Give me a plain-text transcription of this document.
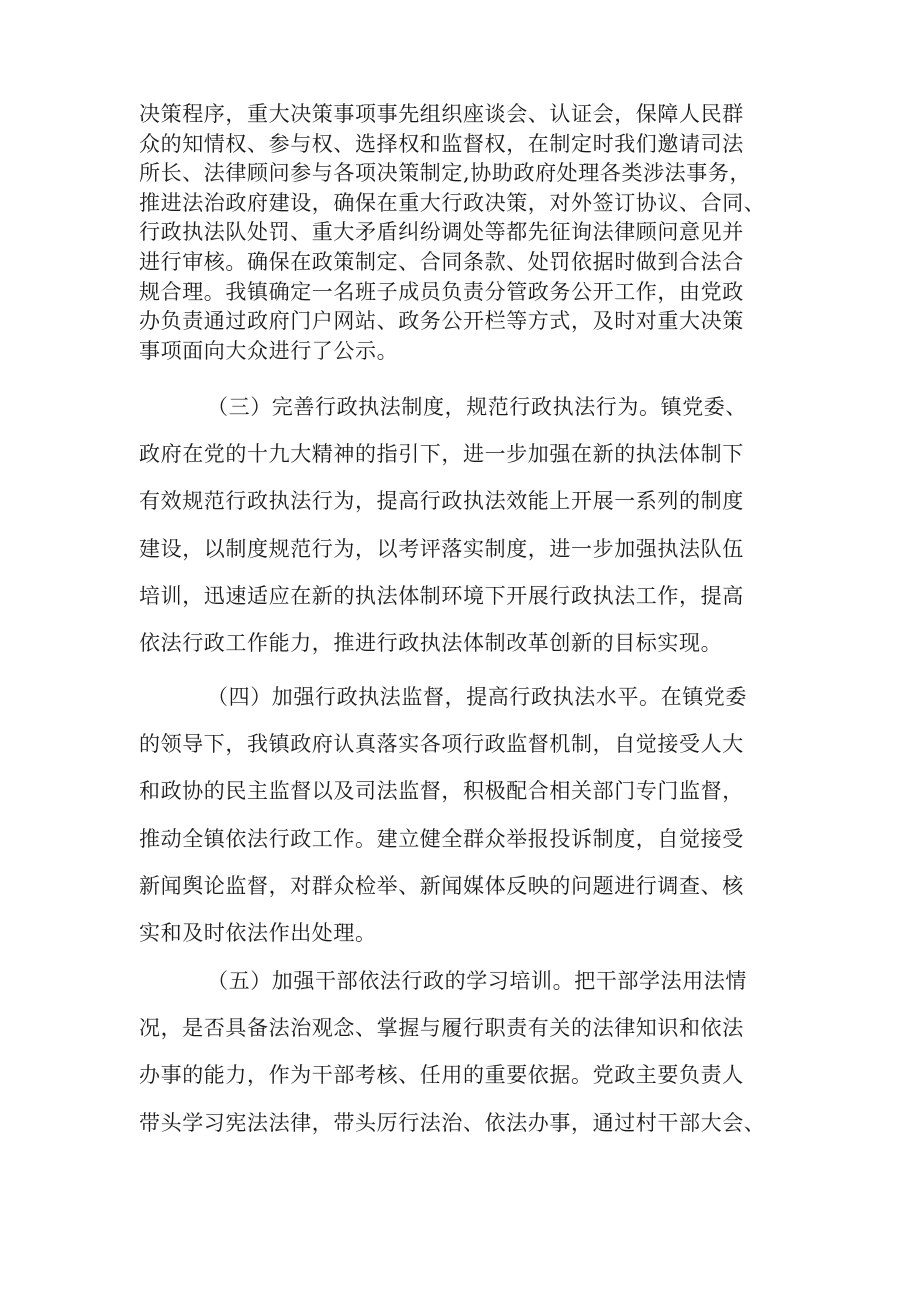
决策程序，重大决策事项事先组织座谈会、认证会，保障人民群
众的知情权、参与权、选择权和监督权，在制定时我们邀请司法
所长、法律顾问参与各项决策制定,协助政府处理各类涉法事务，
推进法治政府建设，确保在重大行政决策，对外签订协议、合同、
行政执法队处罚、重大矛盾纠纷调处等都先征询法律顾问意见并
进行审核。确保在政策制定、合同条款、处罚依据时做到合法合
规合理。我镇确定一名班子成员负责分管政务公开工作，由党政
办负责通过政府门户网站、政务公开栏等方式，及时对重大决策
事项面向大众进行了公示。
（三）完善行政执法制度，规范行政执法行为。镇党委、
政府在党的十九大精神的指引下，进一步加强在新的执法体制下
有效规范行政执法行为，提高行政执法效能上开展一系列的制度
建设，以制度规范行为，以考评落实制度，进一步加强执法队伍
培训，迅速适应在新的执法体制环境下开展行政执法工作，提高
依法行政工作能力，推进行政执法体制改革创新的目标实现。
（四）加强行政执法监督，提高行政执法水平。在镇党委
的领导下，我镇政府认真落实各项行政监督机制，自觉接受人大
和政协的民主监督以及司法监督，积极配合相关部门专门监督，
推动全镇依法行政工作。建立健全群众举报投诉制度，自觉接受
新闻舆论监督，对群众检举、新闻媒体反映的问题进行调查、核
实和及时依法作出处理。
（五）加强干部依法行政的学习培训。把干部学法用法情
况，是否具备法治观念、掌握与履行职责有关的法律知识和依法
办事的能力，作为干部考核、任用的重要依据。党政主要负责人
带头学习宪法法律，带头厉行法治、依法办事，通过村干部大会、
